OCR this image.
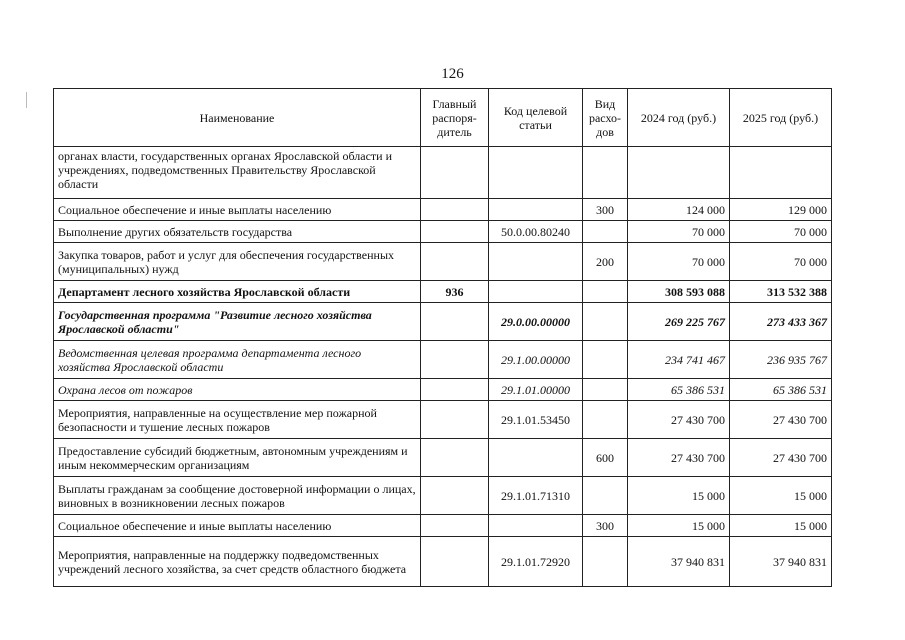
126
Наименование	Главный распоря-дитель	Код целевой статьи	Вид расхо-дов	2024 год (руб.)	2025 год (руб.)
органах власти, государственных органах Ярославской области и учреждениях, подведомственных Правительству Ярославской области					
Социальное обеспечение и иные выплаты населению			300	124 000	129 000
Выполнение других обязательств государства		50.0.00.80240		70 000	70 000
Закупка товаров, работ и услуг для обеспечения государственных (муниципальных) нужд			200	70 000	70 000
Департамент лесного хозяйства Ярославской области	936			308 593 088	313 532 388
Государственная программа "Развитие лесного хозяйства Ярославской области"		29.0.00.00000		269 225 767	273 433 367
Ведомственная целевая программа департамента лесного хозяйства Ярославской области		29.1.00.00000		234 741 467	236 935 767
Охрана лесов от пожаров		29.1.01.00000		65 386 531	65 386 531
Мероприятия, направленные на осуществление мер пожарной безопасности и тушение лесных пожаров		29.1.01.53450		27 430 700	27 430 700
Предоставление субсидий бюджетным, автономным учреждениям и иным некоммерческим организациям			600	27 430 700	27 430 700
Выплаты гражданам за сообщение достоверной информации о лицах, виновных в возникновении лесных пожаров		29.1.01.71310		15 000	15 000
Социальное обеспечение и иные выплаты населению			300	15 000	15 000
Мероприятия, направленные на поддержку подведомственных учреждений лесного хозяйства, за счет средств областного бюджета		29.1.01.72920		37 940 831	37 940 831
